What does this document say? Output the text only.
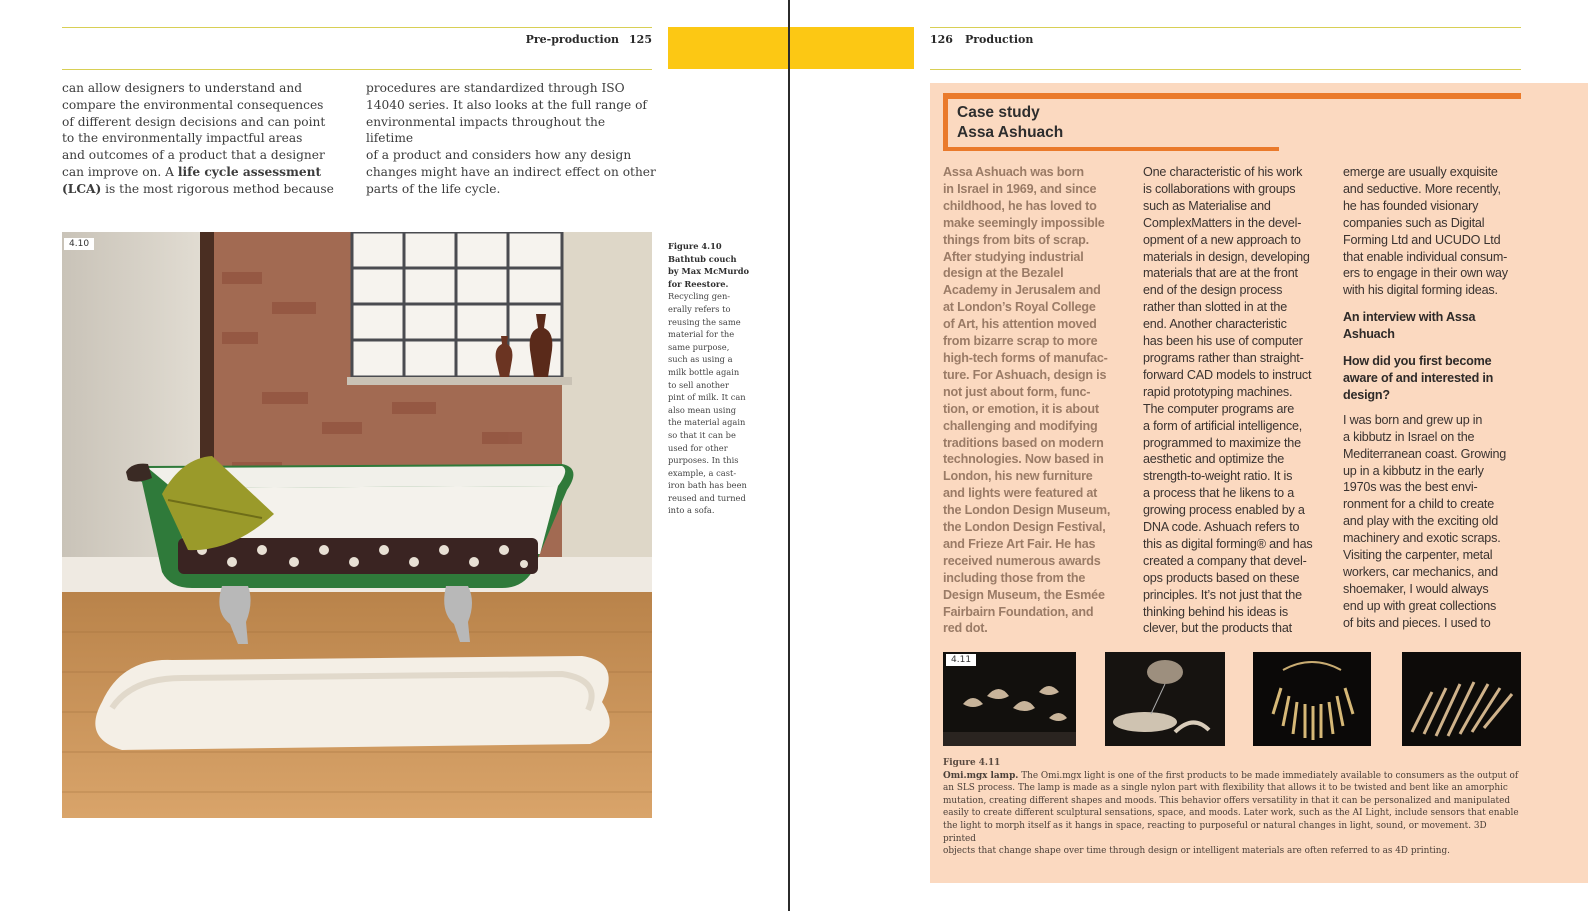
Pre-production 125

can allow designers to understand and

compare the environmental consequences

of different design decisions and can point

to the environmentally impactful areas

and outcomes of a product that a designer

can improve on. A life cycle assessment

(LCA) is the most rigorous method because

procedures are standardized through ISO

14040 series. It also looks at the full range of

environmental impacts throughout the lifetime

of a product and considers how any design

changes might have an indirect effect on other

parts of the life cycle.

4.10	Figure 4.10
Bathtub couch
by Max McMurdo
for Reestore.
Recycling gen-
erally refers to
reusing the same
material for the
same purpose,
such as using a
milk bottle again
to sell another
pint of milk. It can
also mean using
the material again
so that it can be
used for other
purposes. In this
example, a cast-
iron bath has been
reused and turned
into a sofa.
126 Production
Case study
Assa Ashuach

Assa Ashuach was born

in Israel in 1969, and since

childhood, he has loved to

make seemingly impossible

things from bits of scrap.

After studying industrial

design at the Bezalel

Academy in Jerusalem and

at London’s Royal College

of Art, his attention moved

from bizarre scrap to more

high-tech forms of manufac-

ture. For Ashuach, design is

not just about form, func-

tion, or emotion, it is about

challenging and modifying

traditions based on modern

technologies. Now based in

London, his new furniture

and lights were featured at

the London Design Museum,

the London Design Festival,

and Frieze Art Fair. He has

received numerous awards

including those from the

Design Museum, the Esmée

Fairbairn Foundation, and

red dot.

One characteristic of his work

is collaborations with groups

such as Materialise and

ComplexMatters in the devel-

opment of a new approach to

materials in design, developing

materials that are at the front

end of the design process

rather than slotted in at the

end. Another characteristic

has been his use of computer

programs rather than straight-

forward CAD models to instruct

rapid prototyping machines.

The computer programs are

a form of artificial intelligence,

programmed to maximize the

aesthetic and optimize the

strength-to-weight ratio. It is

a process that he likens to a

growing process enabled by a

DNA code. Ashuach refers to

this as digital forming® and has

created a company that devel-

ops products based on these

principles. It’s not just that the

thinking behind his ideas is

clever, but the products that

emerge are usually exquisite

and seductive. More recently,

he has founded visionary

companies such as Digital

Forming Ltd and UCUDO Ltd

that enable individual consum-

ers to engage in their own way

with his digital forming ideas.

An interview with Assa

Ashuach

How did you first become

aware of and interested in

design?

I was born and grew up in

a kibbutz in Israel on the

Mediterranean coast. Growing

up in a kibbutz in the early

1970s was the best envi-

ronment for a child to create

and play with the exciting old

machinery and exotic scraps.

Visiting the carpenter, metal

workers, car mechanics, and

shoemaker, I would always

end up with great collections

of bits and pieces. I used to

4.11
Figure 4.11
Omi.mgx lamp. The Omi.mgx light is one of the first products to be made immediately available to consumers as the output of
an SLS process. The lamp is made as a single nylon part with flexibility that allows it to be twisted and bent like an amorphic
mutation, creating different shapes and moods. This behavior offers versatility in that it can be personalized and manipulated
easily to create different sculptural sensations, space, and moods. Later work, such as the AI Light, include sensors that enable
the light to morph itself as it hangs in space, reacting to purposeful or natural changes in light, sound, or movement. 3D printed
objects that change shape over time through design or intelligent materials are often referred to as 4D printing.
